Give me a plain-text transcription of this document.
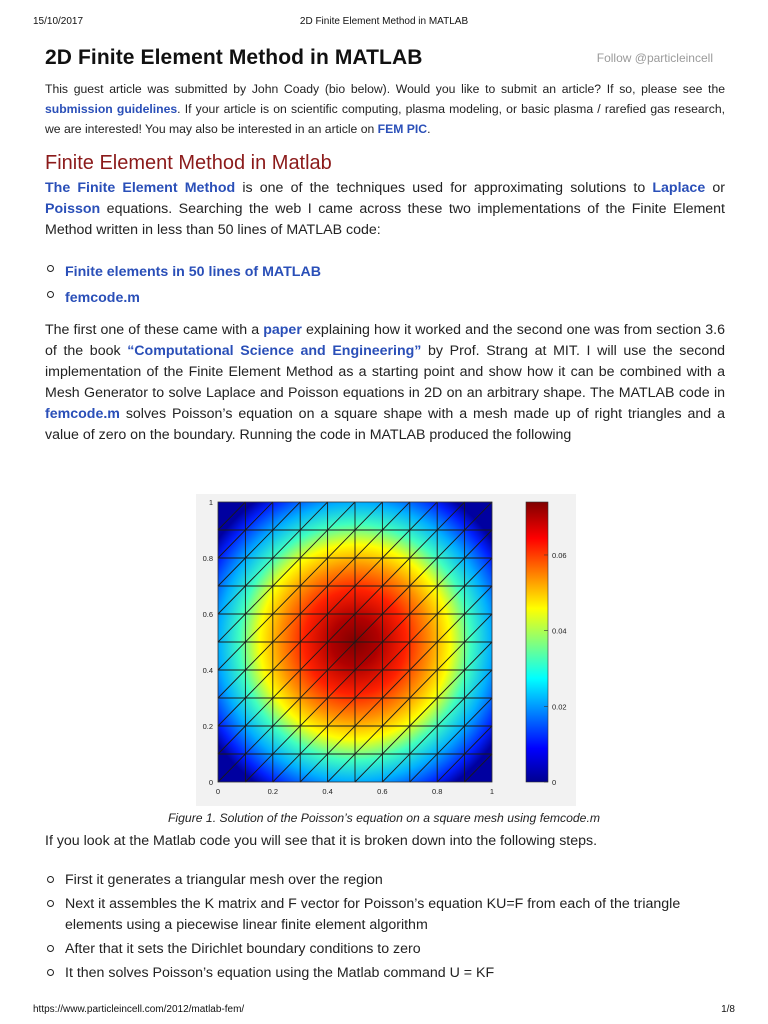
15/10/2017	2D Finite Element Method in MATLAB
2D Finite Element Method in MATLAB	Follow @particleincell
This guest article was submitted by John Coady (bio below). Would you like to submit an article? If so, please see the submission guidelines. If your article is on scientific computing, plasma modeling, or basic plasma / rarefied gas research, we are interested! You may also be interested in an article on FEM PIC.
Finite Element Method in Matlab

The Finite Element Method is one of the techniques used for approximating solutions to Laplace or Poisson equations. Searching the web I came across these two implementations of the Finite Element Method written in less than 50 lines of MATLAB code:

Finite elements in 50 lines of MATLAB
femcode.m

The first one of these came with a paper explaining how it worked and the second one was from section 3.6 of the book “Computational Science and Engineering” by Prof. Strang at MIT. I will use the second implementation of the Finite Element Method as a starting point and show how it can be combined with a Mesh Generator to solve Laplace and Poisson equations in 2D on an arbitrary shape. The MATLAB code in femcode.m solves Poisson’s equation on a square shape with a mesh made up of right triangles and a value of zero on the boundary. Running the code in MATLAB produced the following

0	0.2	0.4	0.6	0.8	1
0
0.2
0.4
0.6
0.8
1
0
0.02
0.04
0.06
Figure 1. Solution of the Poisson’s equation on a square mesh using femcode.m

If you look at the Matlab code you will see that it is broken down into the following steps.

First it generates a triangular mesh over the region
Next it assembles the K matrix and F vector for Poisson’s equation KU=F from each of the triangle elements using a piecewise linear finite element algorithm
After that it sets the Dirichlet boundary conditions to zero
It then solves Poisson’s equation using the Matlab command U = KF
https://www.particleincell.com/2012/matlab-fem/	1/8
